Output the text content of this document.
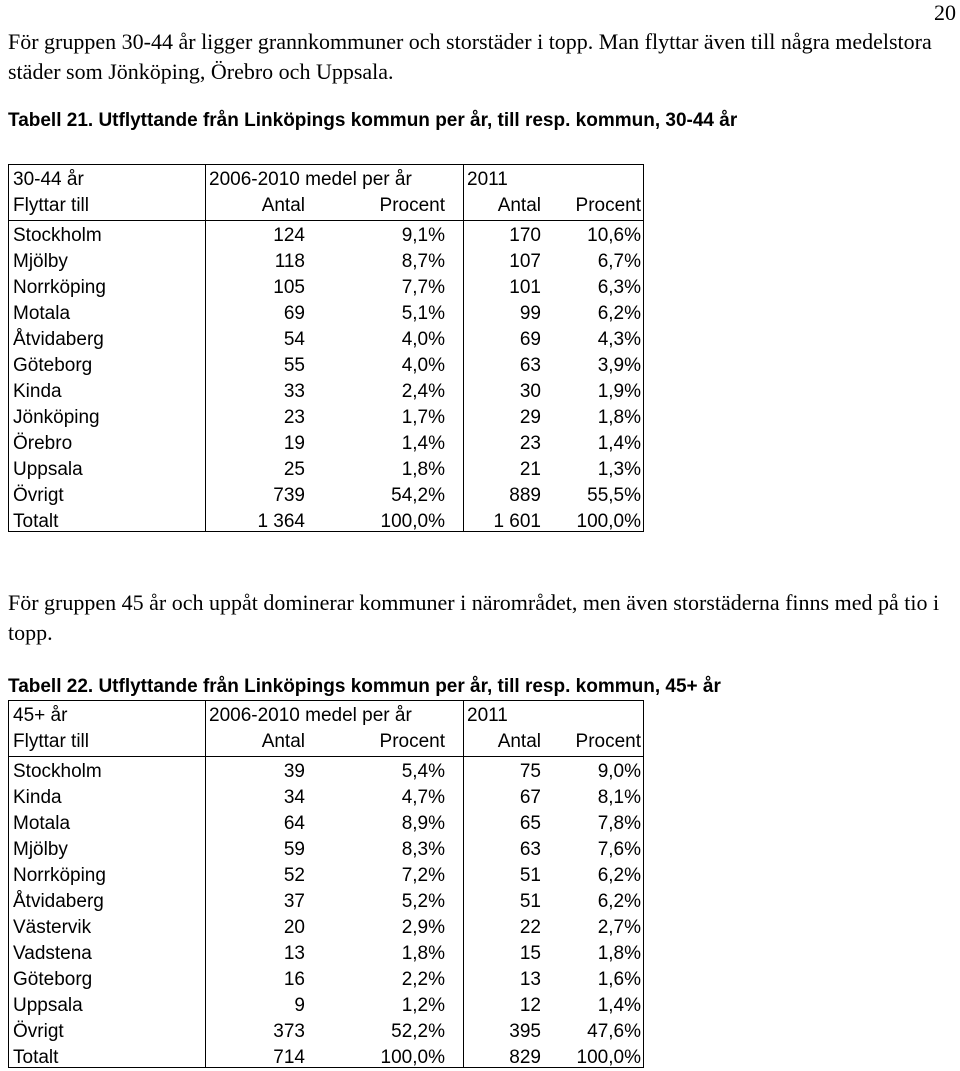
20
För gruppen 30-44 år ligger grannkommuner och storstäder i topp. Man flyttar även till några medelstora städer som Jönköping, Örebro och Uppsala.
Tabell 21. Utflyttande från Linköpings kommun per år, till resp. kommun, 30-44 år
30-44 år	2006-2010 medel per år	2011
Flyttar till	Antal	Procent	Antal Procent
Stockholm	124	9,1%	170 10,6%
Mjölby	118	8,7%	107	6,7%
Norrköping	105	7,7%	101	6,3%
Motala	69	5,1%	99	6,2%
Åtvidaberg	54	4,0%	69	4,3%
Göteborg	55	4,0%	63	3,9%
Kinda	33	2,4%	30	1,9%
Jönköping	23	1,7%	29	1,8%
Örebro	19	1,4%	23	1,4%
Uppsala	25	1,8%	21	1,3%
Övrigt	739	54,2%	889 55,5%
Totalt	1 364	100,0%	1 601 100,0%
För gruppen 45 år och uppåt dominerar kommuner i närområdet, men även storstäderna finns med på tio i topp.
Tabell 22. Utflyttande från Linköpings kommun per år, till resp. kommun, 45+ år
45+ år	2006-2010 medel per år	2011
Flyttar till	Antal	Procent	Antal Procent
Stockholm	39	5,4%	75	9,0%
Kinda	34	4,7%	67	8,1%
Motala	64	8,9%	65	7,8%
Mjölby	59	8,3%	63	7,6%
Norrköping	52	7,2%	51	6,2%
Åtvidaberg	37	5,2%	51	6,2%
Västervik	20	2,9%	22	2,7%
Vadstena	13	1,8%	15	1,8%
Göteborg	16	2,2%	13	1,6%
Uppsala	9	1,2%	12	1,4%
Övrigt	373	52,2%	395 47,6%
Totalt	714	100,0%	829 100,0%
